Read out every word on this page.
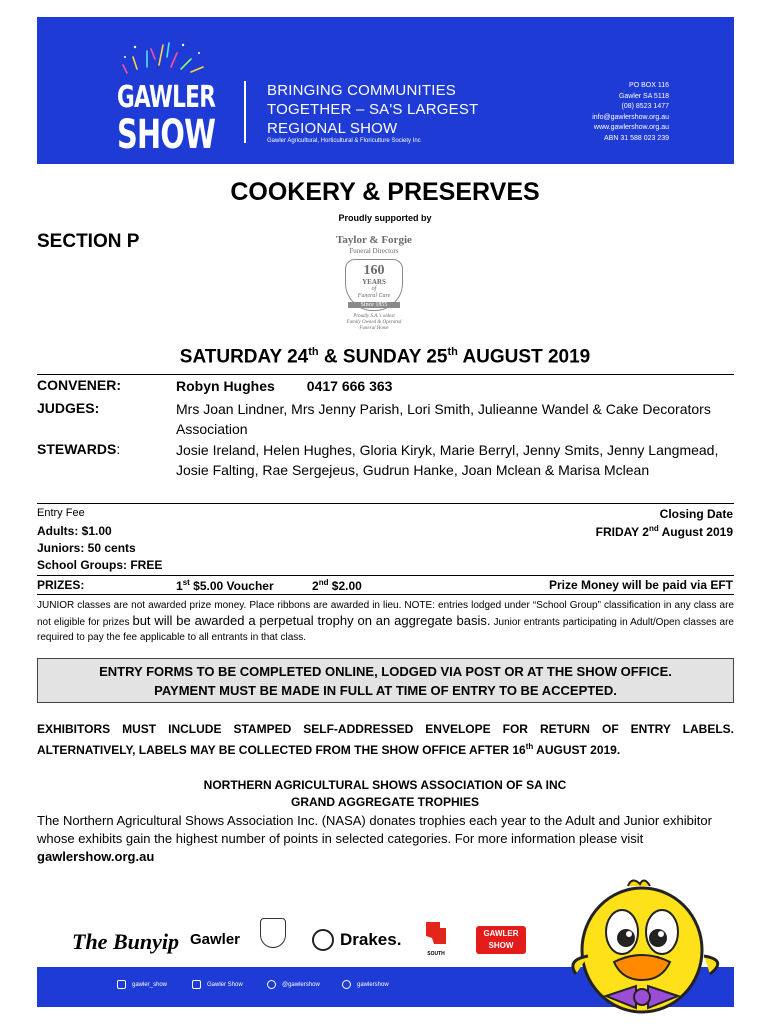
GAWLER
SHOW
BRINGING COMMUNITIES
TOGETHER – SA'S LARGEST
REGIONAL SHOW
Gawler Agricultural, Horticultural & Floriculture Society Inc
PO BOX 116
Gawler SA 5118
(08) 8523 1477
info@gawlershow.org.au
www.gawlershow.org.au
ABN 31 588 023 239
COOKERY & PRESERVES
Proudly supported by
SECTION P	Taylor & Forgie
Funeral Directors
160
YEARS
of
Funeral Care
Since 1855
Proudly S.A.'s oldest
Family Owned & Operated
Funeral Home
SATURDAY 24th & SUNDAY 25th AUGUST 2019
CONVENER:	Robyn Hughes 0417 666 363
JUDGES:	Mrs Joan Lindner, Mrs Jenny Parish, Lori Smith, Julieanne Wandel & Cake Decorators Association
STEWARDS:	Josie Ireland, Helen Hughes, Gloria Kiryk, Marie Berryl, Jenny Smits, Jenny Langmead, Josie Falting, Rae Sergejeus, Gudrun Hanke, Joan Mclean & Marisa Mclean
Entry Fee	Closing Date
Adults: $1.00	FRIDAY 2nd August 2019
Juniors: 50 cents
School Groups: FREE
PRIZES:	1st $5.00 Voucher	2nd $2.00	Prize Money will be paid via EFT
JUNIOR classes are not awarded prize money. Place ribbons are awarded in lieu. NOTE: entries lodged under “School Group” classification in any class are not eligible for prizes but will be awarded a perpetual trophy on an aggregate basis. Junior entrants participating in Adult/Open classes are required to pay the fee applicable to all entrants in that class.
ENTRY FORMS TO BE COMPLETED ONLINE, LODGED VIA POST OR AT THE SHOW OFFICE.
PAYMENT MUST BE MADE IN FULL AT TIME OF ENTRY TO BE ACCEPTED.
EXHIBITORS MUST INCLUDE STAMPED SELF-ADDRESSED ENVELOPE FOR RETURN OF ENTRY LABELS. ALTERNATIVELY, LABELS MAY BE COLLECTED FROM THE SHOW OFFICE AFTER 16th AUGUST 2019.
NORTHERN AGRICULTURAL SHOWS ASSOCIATION OF SA INC
GRAND AGGREGATE TROPHIES
The Northern Agricultural Shows Association Inc. (NASA) donates trophies each year to the Adult and Junior exhibitor whose exhibits gain the highest number of points in selected categories. For more information please visit gawlershow.org.au
The Bunyip Gawler	Drakes.
SOUTH
GAWLER
SHOW
gawler_show	Gawler Show	@gawlershow	gawlershow
